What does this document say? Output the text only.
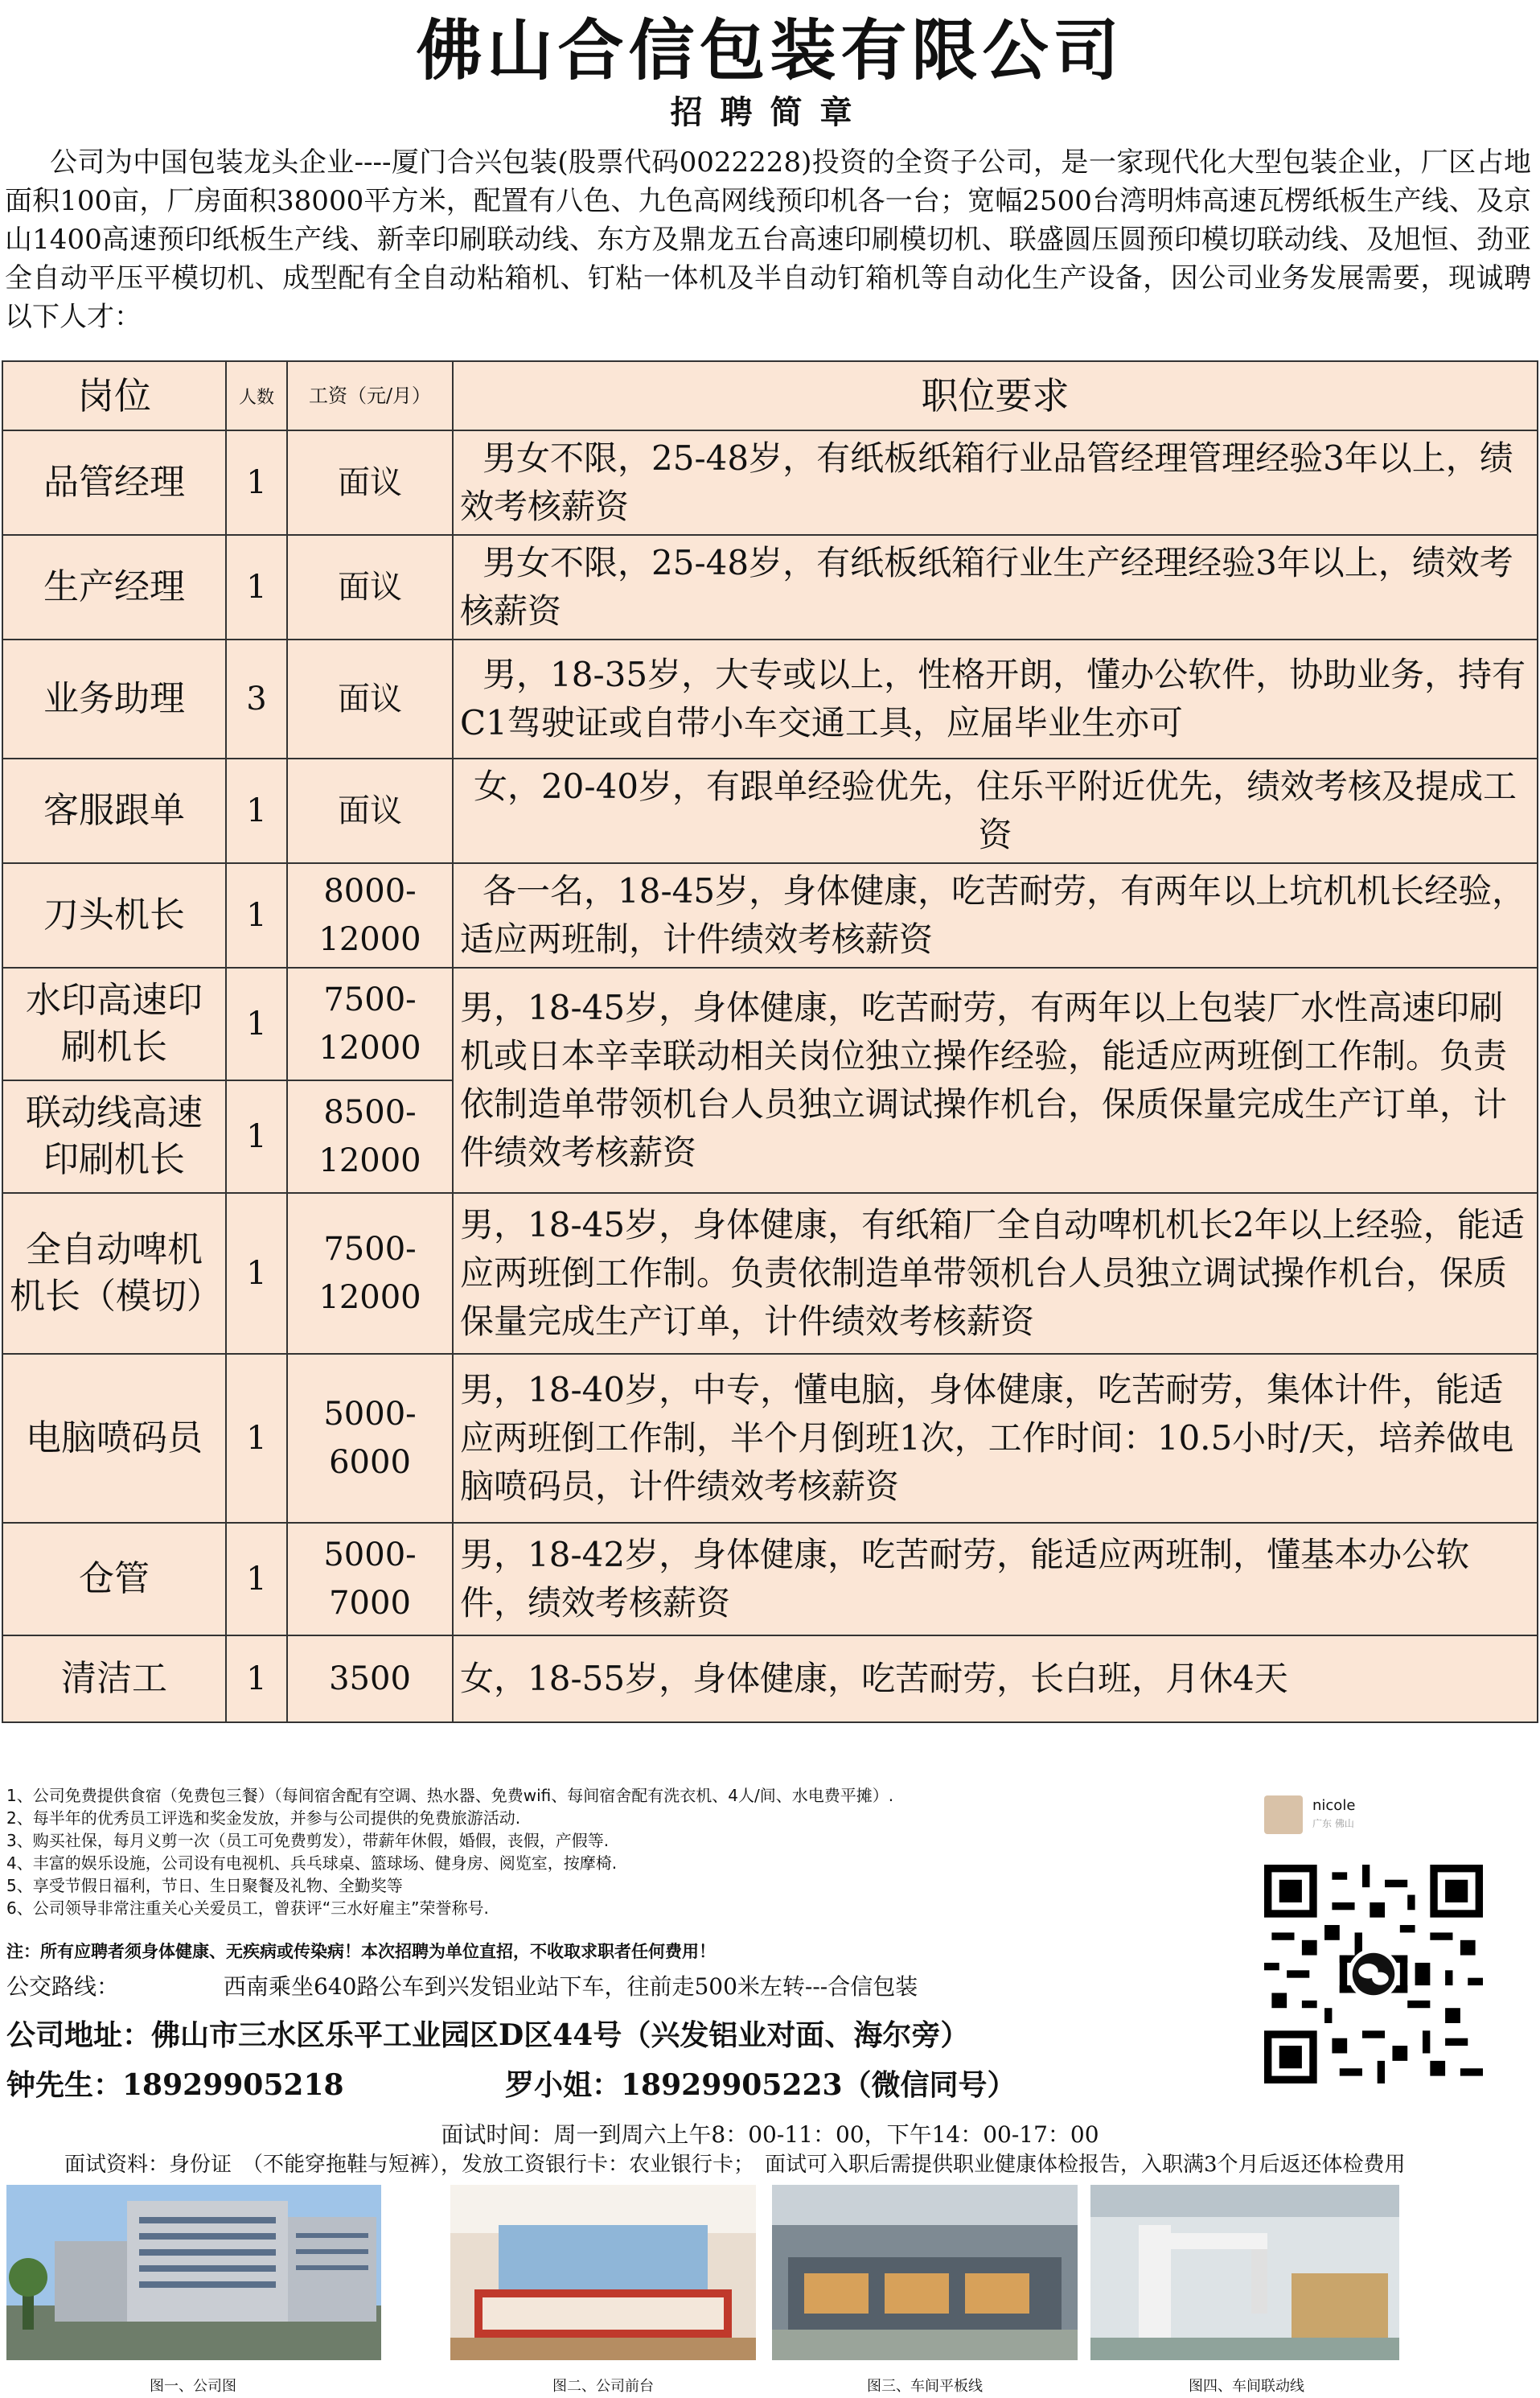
佛山合信包装有限公司
招聘简章
公司为中国包装龙头企业----厦门合兴包装(股票代码0022228)投资的全资子公司，是一家现代化大型包装企业，厂区占地面积100亩，厂房面积38000平方米，配置有八色、九色高网线预印机各一台；宽幅2500台湾明炜高速瓦楞纸板生产线、及京山1400高速预印纸板生产线、新幸印刷联动线、东方及鼎龙五台高速印刷模切机、联盛圆压圆预印模切联动线、及旭恒、劲亚全自动平压平模切机、成型配有全自动粘箱机、钉粘一体机及半自动钉箱机等自动化生产设备，因公司业务发展需要，现诚聘以下人才：
岗位	人数	工资（元/月）	职位要求
品管经理	1	面议	男女不限，25-48岁，有纸板纸箱行业品管经理管理经验3年以上，绩效考核薪资
生产经理	1	面议	男女不限，25-48岁，有纸板纸箱行业生产经理经验3年以上，绩效考核薪资
业务助理	3	面议	男，18-35岁，大专或以上，性格开朗，懂办公软件，协助业务，持有C1驾驶证或自带小车交通工具，应届毕业生亦可
客服跟单	1	面议	女，20-40岁，有跟单经验优先，住乐平附近优先，绩效考核及提成工资
刀头机长	1	8000-12000	各一名，18-45岁，身体健康，吃苦耐劳，有两年以上坑机机长经验，适应两班制，计件绩效考核薪资
水印高速印刷机长	1	7500-12000	男，18-45岁，身体健康，吃苦耐劳，有两年以上包装厂水性高速印刷机或日本辛幸联动相关岗位独立操作经验，能适应两班倒工作制。负责依制造单带领机台人员独立调试操作机台，保质保量完成生产订单，计件绩效考核薪资
联动线高速印刷机长	1	8500-12000	
全自动啤机机长（模切）	1	7500-12000	男，18-45岁，身体健康，有纸箱厂全自动啤机机长2年以上经验，能适应两班倒工作制。负责依制造单带领机台人员独立调试操作机台，保质保量完成生产订单，计件绩效考核薪资
电脑喷码员	1	5000-6000	男，18-40岁，中专，懂电脑，身体健康，吃苦耐劳，集体计件，能适应两班倒工作制，半个月倒班1次，工作时间：10.5小时/天，培养做电脑喷码员，计件绩效考核薪资
仓管	1	5000-7000	男，18-42岁，身体健康，吃苦耐劳，能适应两班制，懂基本办公软件，绩效考核薪资
清洁工	1	3500	女，18-55岁，身体健康，吃苦耐劳，长白班，月休4天
1、公司免费提供食宿（免费包三餐）（每间宿舍配有空调、热水器、免费wifi、每间宿舍配有洗衣机、4人/间、水电费平摊）.
2、每半年的优秀员工评选和奖金发放，并参与公司提供的免费旅游活动.
3、购买社保，每月义剪一次（员工可免费剪发），带薪年休假，婚假，丧假，产假等.
4、丰富的娱乐设施，公司设有电视机、兵乓球桌、篮球场、健身房、阅览室，按摩椅.
5、享受节假日福利，节日、生日聚餐及礼物、全勤奖等
6、公司领导非常注重关心关爱员工，曾获评“三水好雇主”荣誉称号.
注：所有应聘者须身体健康、无疾病或传染病！本次招聘为单位直招，不收取求职者任何费用！
公交路线：	西南乘坐640路公车到兴发铝业站下车，往前走500米左转---合信包装
公司地址：佛山市三水区乐平工业园区D区44号（兴发铝业对面、海尔旁）
钟先生：18929905218	罗小姐：18929905223（微信同号）
面试时间：周一到周六上午8：00-11：00，下午14：00-17：00
面试资料：身份证　（不能穿拖鞋与短裤），发放工资银行卡：农业银行卡；　面试可入职后需提供职业健康体检报告，入职满3个月后返还体检费用
nicole
广东 佛山
图一、公司图	图二、公司前台	图三、车间平板线	图四、车间联动线
